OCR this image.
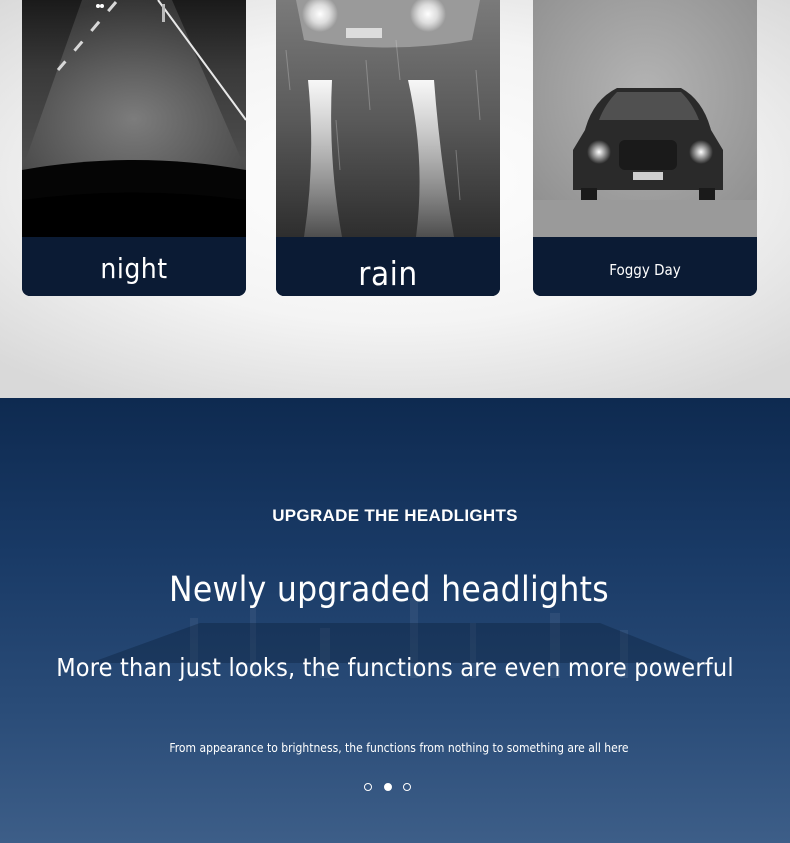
night	rain	Foggy Day
UPGRADE THE HEADLIGHTS
Newly upgraded headlights
More than just looks, the functions are even more powerful
From appearance to brightness, the functions from nothing to something are all here
